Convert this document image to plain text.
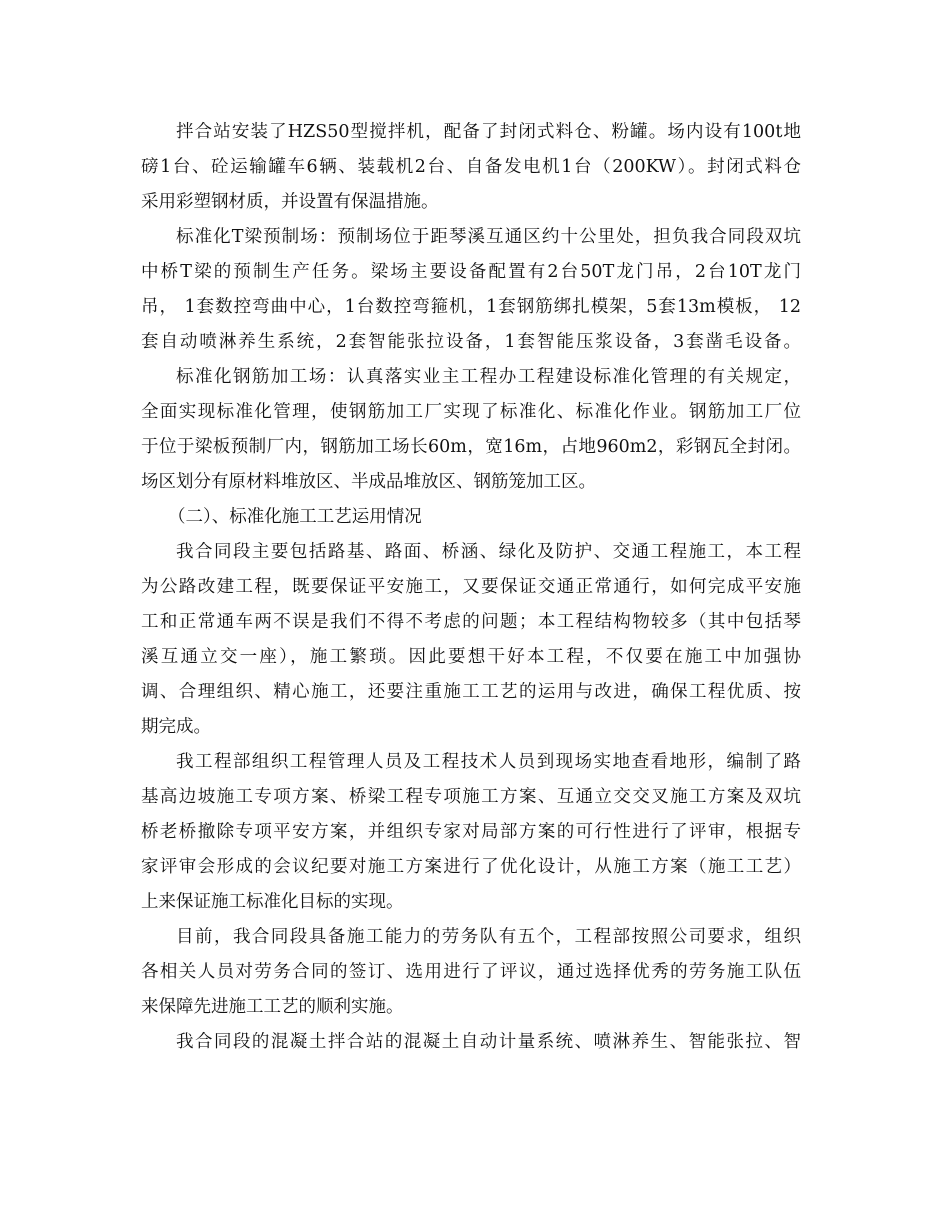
拌合站安装了HZS50型搅拌机，配备了封闭式料仓、粉罐。场内设有100t地
磅1台、砼运输罐车6辆、装载机2台、自备发电机1台（200KW）。封闭式料仓
采用彩塑钢材质，并设置有保温措施。
标准化T梁预制场：预制场位于距琴溪互通区约十公里处，担负我合同段双坑
中桥T梁的预制生产任务。梁场主要设备配置有2台50T龙门吊，2台10T龙门
吊， 1套数控弯曲中心，1台数控弯箍机，1套钢筋绑扎模架，5套13m模板， 12
套自动喷淋养生系统，2套智能张拉设备，1套智能压浆设备，3套凿毛设备。
标准化钢筋加工场：认真落实业主工程办工程建设标准化管理的有关规定，
全面实现标准化管理，使钢筋加工厂实现了标准化、标准化作业。钢筋加工厂位
于位于梁板预制厂内，钢筋加工场长60m，宽16m，占地960m2，彩钢瓦全封闭。
场区划分有原材料堆放区、半成品堆放区、钢筋笼加工区。
（二）、标准化施工工艺运用情况
我合同段主要包括路基、路面、桥涵、绿化及防护、交通工程施工，本工程
为公路改建工程，既要保证平安施工，又要保证交通正常通行，如何完成平安施
工和正常通车两不误是我们不得不考虑的问题；本工程结构物较多（其中包括琴
溪互通立交一座），施工繁琐。因此要想干好本工程，不仅要在施工中加强协
调、合理组织、精心施工，还要注重施工工艺的运用与改进，确保工程优质、按
期完成。
我工程部组织工程管理人员及工程技术人员到现场实地查看地形，编制了路
基高边坡施工专项方案、桥梁工程专项施工方案、互通立交交叉施工方案及双坑
桥老桥撤除专项平安方案，并组织专家对局部方案的可行性进行了评审，根据专
家评审会形成的会议纪要对施工方案进行了优化设计，从施工方案（施工工艺）
上来保证施工标准化目标的实现。
目前，我合同段具备施工能力的劳务队有五个，工程部按照公司要求，组织
各相关人员对劳务合同的签订、选用进行了评议，通过选择优秀的劳务施工队伍
来保障先进施工工艺的顺利实施。
我合同段的混凝土拌合站的混凝土自动计量系统、喷淋养生、智能张拉、智
